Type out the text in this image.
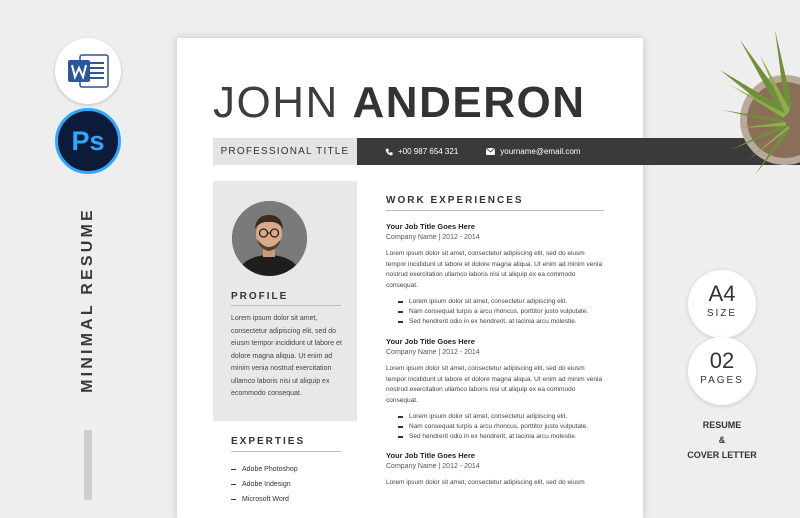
Ps
MINIMAL RESUME
JOHN ANDERON
PROFESSIONAL TITLE	+00 987 654 321	yourname@email.com
PROFILE
Lorem ipsum dolor sit amet, consectetur adipiscing elit, sed do eiusm tempor incididunt ut labore et dolore magna aliqua. Ut enim ad minim venia nostrud exercitation ullamco laboris nisi ut aliquip ex ecommodo consequat.
EXPERTIES
Adobe Photoshop
Adobe Indesign
Microsoft Word
WORK EXPERIENCES
Your Job Title Goes Here
Company Name | 2012 - 2014
Lorem ipsum dolor sit amet, consectetur adipiscing elit, sed do eiusm tempor incididunt ut labore et dolore magna aliqua. Ut enim ad minim venia nostrud exercitation ullamco laboris nisi ut aliquip ex ea commodo consequat.
Lorem ipsum dolor sit amet, consectetur adipiscing elit.
Nam consequat turpis a arcu rhoncus, porttitor justo vulputate.
Sed hendrerit odio in ex hendrerit, at lacinia arcu molestie.
Your Job Title Goes Here
Company Name | 2012 - 2014
Lorem ipsum dolor sit amet, consectetur adipiscing elit, sed do eiusm tempor incididunt ut labore et dolore magna aliqua. Ut enim ad minim venia nostrud exercitation ullamco laboris nisi ut aliquip ex ea commodo consequat.
Lorem ipsum dolor sit amet, consectetur adipiscing elit.
Nam consequat turpis a arcu rhoncus, porttitor justo vulputate.
Sed hendrerit odio in ex hendrerit, at lacinia arcu molestie.
Your Job Title Goes Here
Company Name | 2012 - 2014
Lorem ipsum dolor sit amet, consectetur adipiscing elit, sed do eiusm
A4
SIZE
02
PAGES
RESUME
&
COVER LETTER
